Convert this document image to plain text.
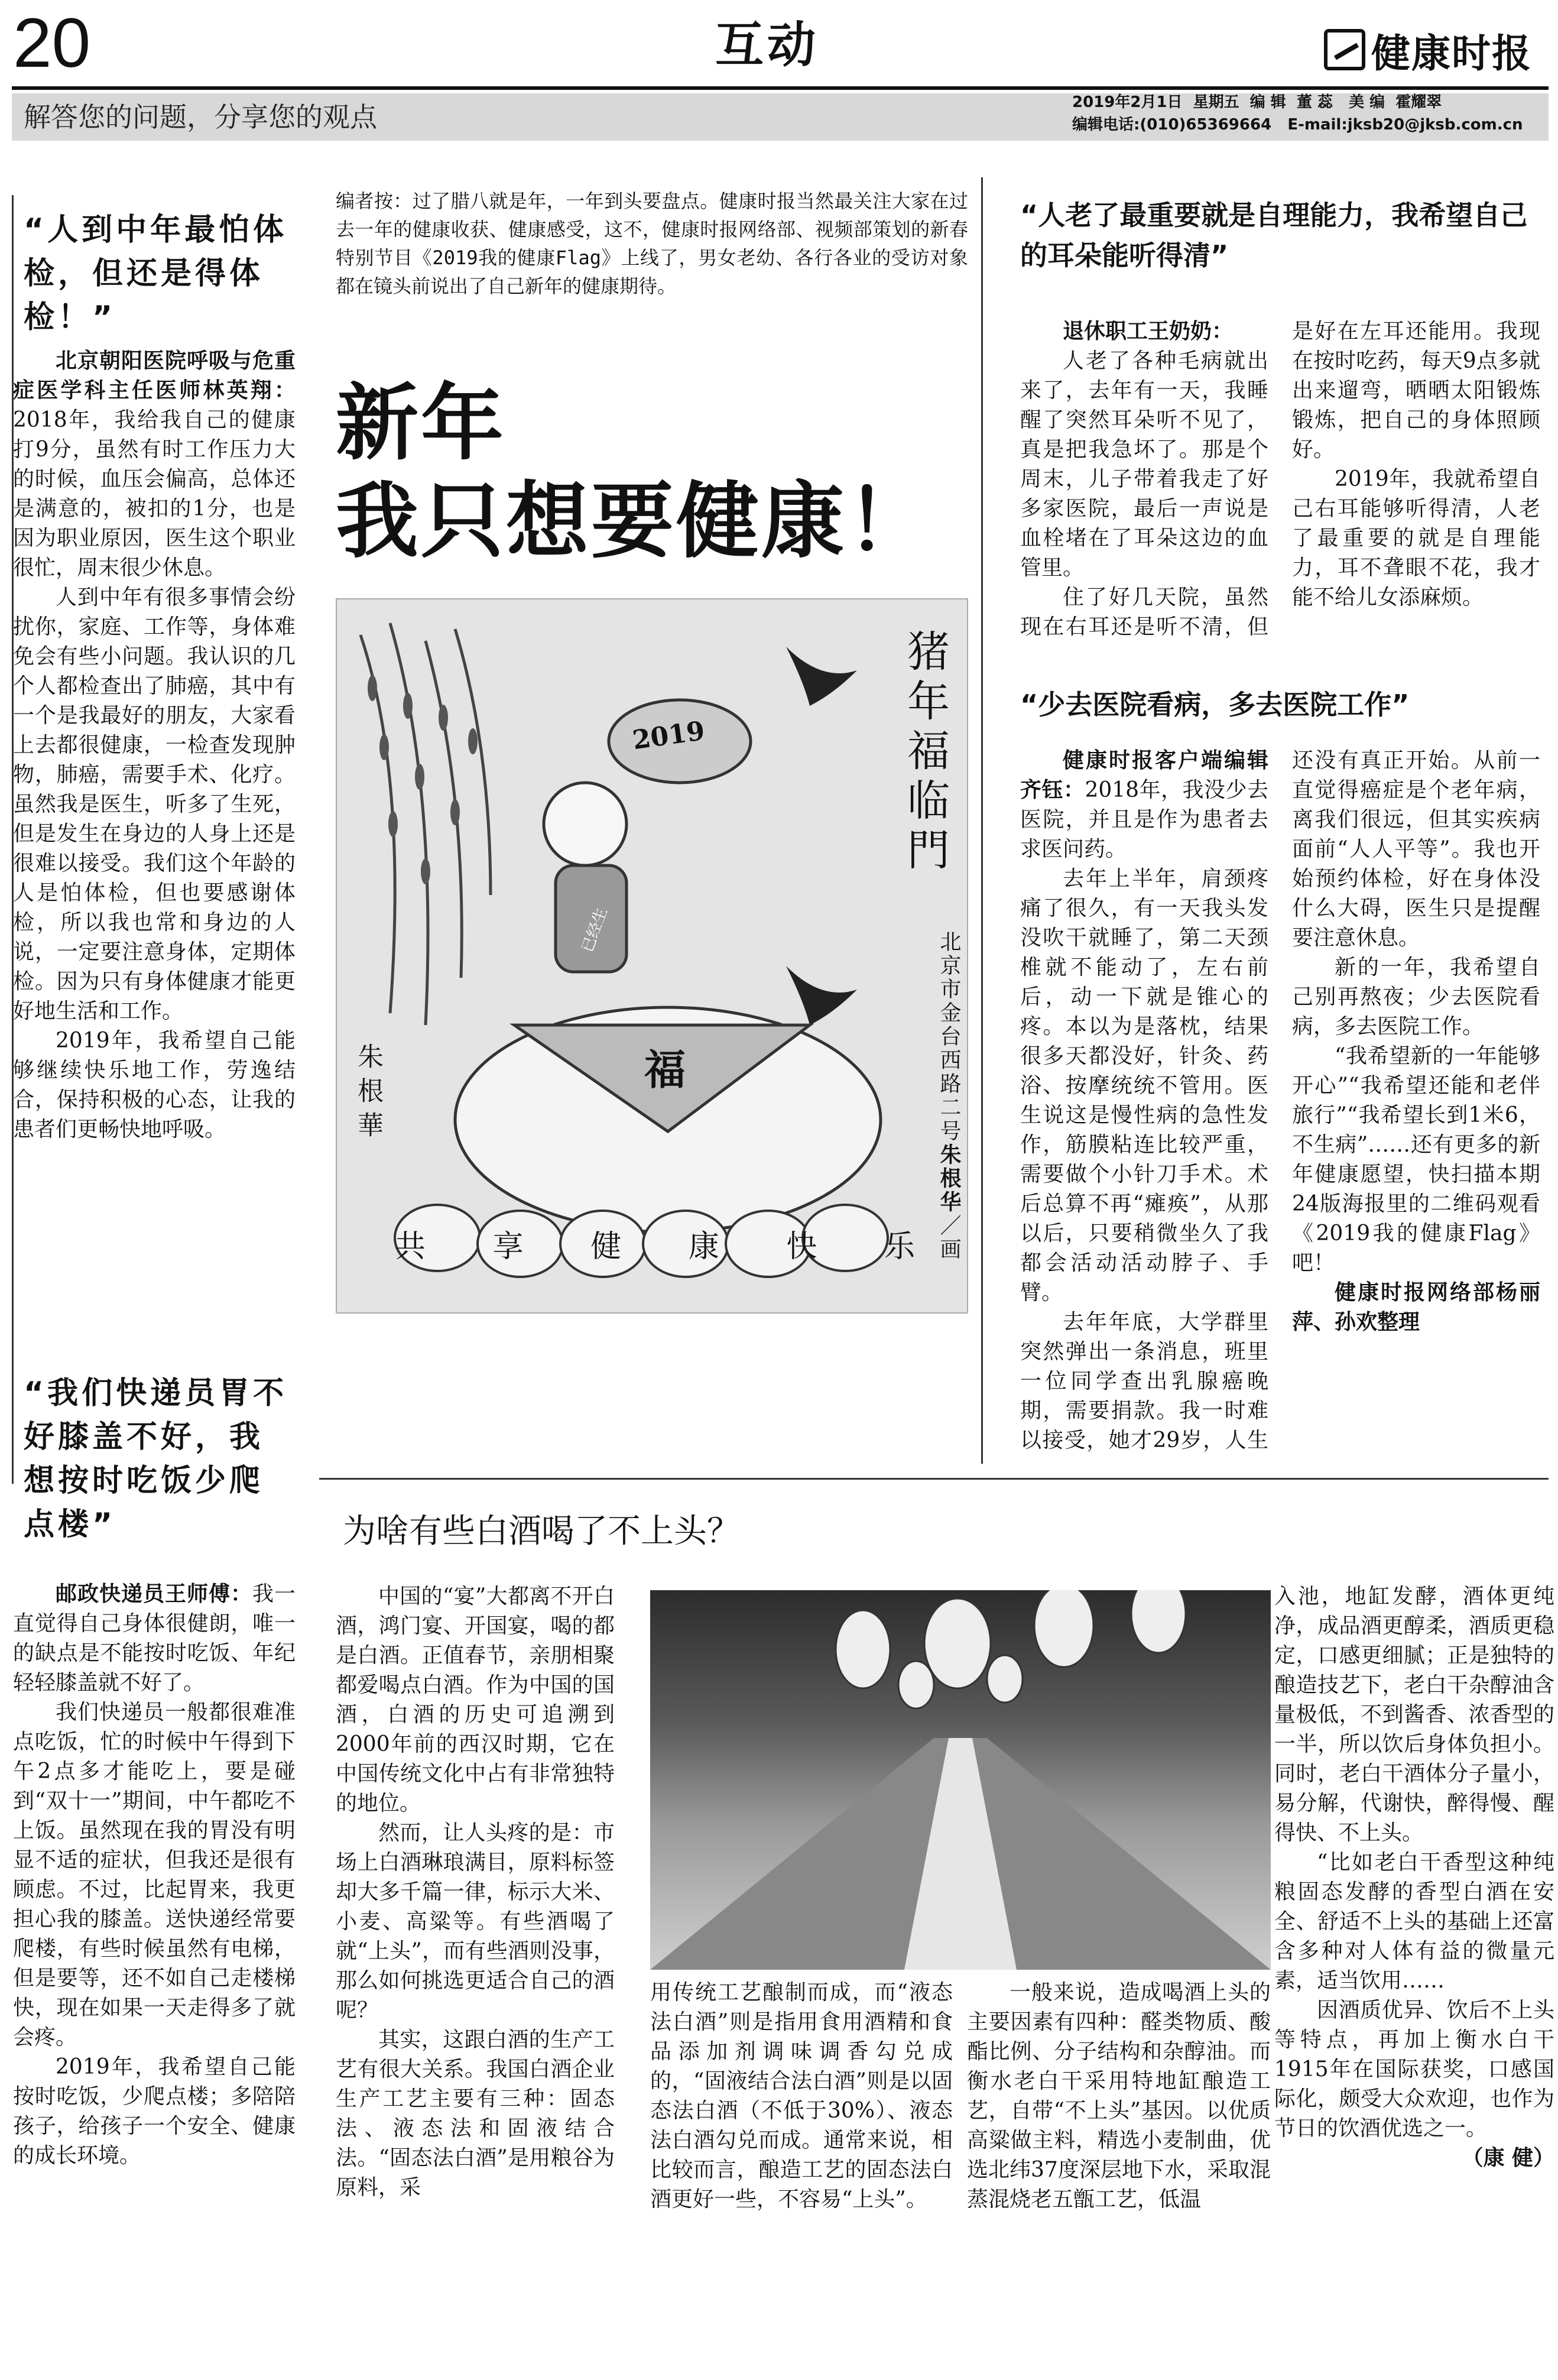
20	互动	健康时报
解答您的问题，分享您的观点	2019年2月1日  星期五  编 辑  董 蕊   美 编  霍耀翠
编辑电话:(010)65369664   E-mail:jksb20@jksb.com.cn
“人到中年最怕体检，但还是得体检！”

北京朝阳医院呼吸与危重症医学科主任医师林英翔：2018年，我给我自己的健康打9分，虽然有时工作压力大的时候，血压会偏高，总体还是满意的，被扣的1分，也是因为职业原因，医生这个职业很忙，周末很少休息。

人到中年有很多事情会纷扰你，家庭、工作等，身体难免会有些小问题。我认识的几个人都检查出了肺癌，其中有一个是我最好的朋友，大家看上去都很健康，一检查发现肿物，肺癌，需要手术、化疗。虽然我是医生，听多了生死，但是发生在身边的人身上还是很难以接受。我们这个年龄的人是怕体检，但也要感谢体检，所以我也常和身边的人说，一定要注意身体，定期体检。因为只有身体健康才能更好地生活和工作。

2019年，我希望自己能够继续快乐地工作，劳逸结合，保持积极的心态，让我的患者们更畅快地呼吸。

“我们快递员胃不好膝盖不好，我想按时吃饭少爬点楼”

邮政快递员王师傅：我一直觉得自己身体很健朗，唯一的缺点是不能按时吃饭、年纪轻轻膝盖就不好了。

我们快递员一般都很难准点吃饭，忙的时候中午得到下午2点多才能吃上，要是碰到“双十一”期间，中午都吃不上饭。虽然现在我的胃没有明显不适的症状，但我还是很有顾虑。不过，比起胃来，我更担心我的膝盖。送快递经常要爬楼，有些时候虽然有电梯，但是要等，还不如自己走楼梯快，现在如果一天走得多了就会疼。

2019年，我希望自己能按时吃饭，少爬点楼；多陪陪孩子，给孩子一个安全、健康的成长环境。

编者按：过了腊八就是年，一年到头要盘点。健康时报当然最关注大家在过去一年的健康收获、健康感受，这不，健康时报网络部、视频部策划的新春特别节目《2019我的健康Flag》上线了，男女老幼、各行各业的受访对象都在镜头前说出了自己新年的健康期待。
新年
我只想要健康！
2019
已经生
福
猪年福临門
朱根華
共 享 健 康 快 乐
北京市金台西路二号朱根华／画
“人老了最重要就是自理能力，我希望自己的耳朵能听得清”

退休职工王奶奶：

人老了各种毛病就出来了，去年有一天，我睡醒了突然耳朵听不见了，真是把我急坏了。那是个周末，儿子带着我走了好多家医院，最后一声说是血栓堵在了耳朵这边的血管里。

住了好几天院，虽然现在右耳还是听不清，但是好在左耳还能用。我现在按时吃药，每天9点多就出来遛弯，晒晒太阳锻炼锻炼，把自己的身体照顾好。

2019年，我就希望自己右耳能够听得清，人老了最重要的就是自理能力，耳不聋眼不花，我才能不给儿女添麻烦。

“少去医院看病，多去医院工作”

健康时报客户端编辑齐钰：2018年，我没少去医院，并且是作为患者去求医问药。

去年上半年，肩颈疼痛了很久，有一天我头发没吹干就睡了，第二天颈椎就不能动了，左右前后，动一下就是锥心的疼。本以为是落枕，结果很多天都没好，针灸、药浴、按摩统统不管用。医生说这是慢性病的急性发作，筋膜粘连比较严重，需要做个小针刀手术。术后总算不再“瘫痪”，从那以后，只要稍微坐久了我都会活动活动脖子、手臂。

去年年底，大学群里突然弹出一条消息，班里一位同学查出乳腺癌晚期，需要捐款。我一时难以接受，她才29岁，人生还没有真正开始。从前一直觉得癌症是个老年病，离我们很远，但其实疾病面前“人人平等”。我也开始预约体检，好在身体没什么大碍，医生只是提醒要注意休息。

新的一年，我希望自己别再熬夜；少去医院看病，多去医院工作。

“我希望新的一年能够开心”“我希望还能和老伴旅行”“我希望长到1米6，不生病”……还有更多的新年健康愿望，快扫描本期24版海报里的二维码观看《2019我的健康Flag》吧！

健康时报网络部杨丽萍、孙欢整理

为啥有些白酒喝了不上头？

中国的“宴”大都离不开白酒，鸿门宴、开国宴，喝的都是白酒。正值春节，亲朋相聚都爱喝点白酒。作为中国的国酒，白酒的历史可追溯到2000年前的西汉时期，它在中国传统文化中占有非常独特的地位。

然而，让人头疼的是：市场上白酒琳琅满目，原料标签却大多千篇一律，标示大米、小麦、高粱等。有些酒喝了就“上头”，而有些酒则没事，那么如何挑选更适合自己的酒呢？

其实，这跟白酒的生产工艺有很大关系。我国白酒企业生产工艺主要有三种：固态法、液态法和固液结合法。“固态法白酒”是用粮谷为原料，采

用传统工艺酿制而成，而“液态法白酒”则是指用食用酒精和食品添加剂调味调香勾兑成的，“固液结合法白酒”则是以固态法白酒（不低于30%）、液态法白酒勾兑而成。通常来说，相比较而言，酿造工艺的固态法白酒更好一些，不容易“上头”。

一般来说，造成喝酒上头的主要因素有四种：醛类物质、酸酯比例、分子结构和杂醇油。而衡水老白干采用特地缸酿造工艺，自带“不上头”基因。以优质高粱做主料，精选小麦制曲，优选北纬37度深层地下水，采取混蒸混烧老五甑工艺，低温

入池，地缸发酵，酒体更纯净，成品酒更醇柔，酒质更稳定，口感更细腻；正是独特的酿造技艺下，老白干杂醇油含量极低，不到酱香、浓香型的一半，所以饮后身体负担小。同时，老白干酒体分子量小，易分解，代谢快，醉得慢、醒得快、不上头。

“比如老白干香型这种纯粮固态发酵的香型白酒在安全、舒适不上头的基础上还富含多种对人体有益的微量元素，适当饮用……

因酒质优异、饮后不上头等特点，再加上衡水白干1915年在国际获奖，口感国际化，颇受大众欢迎，也作为节日的饮酒优选之一。

（康 健）
